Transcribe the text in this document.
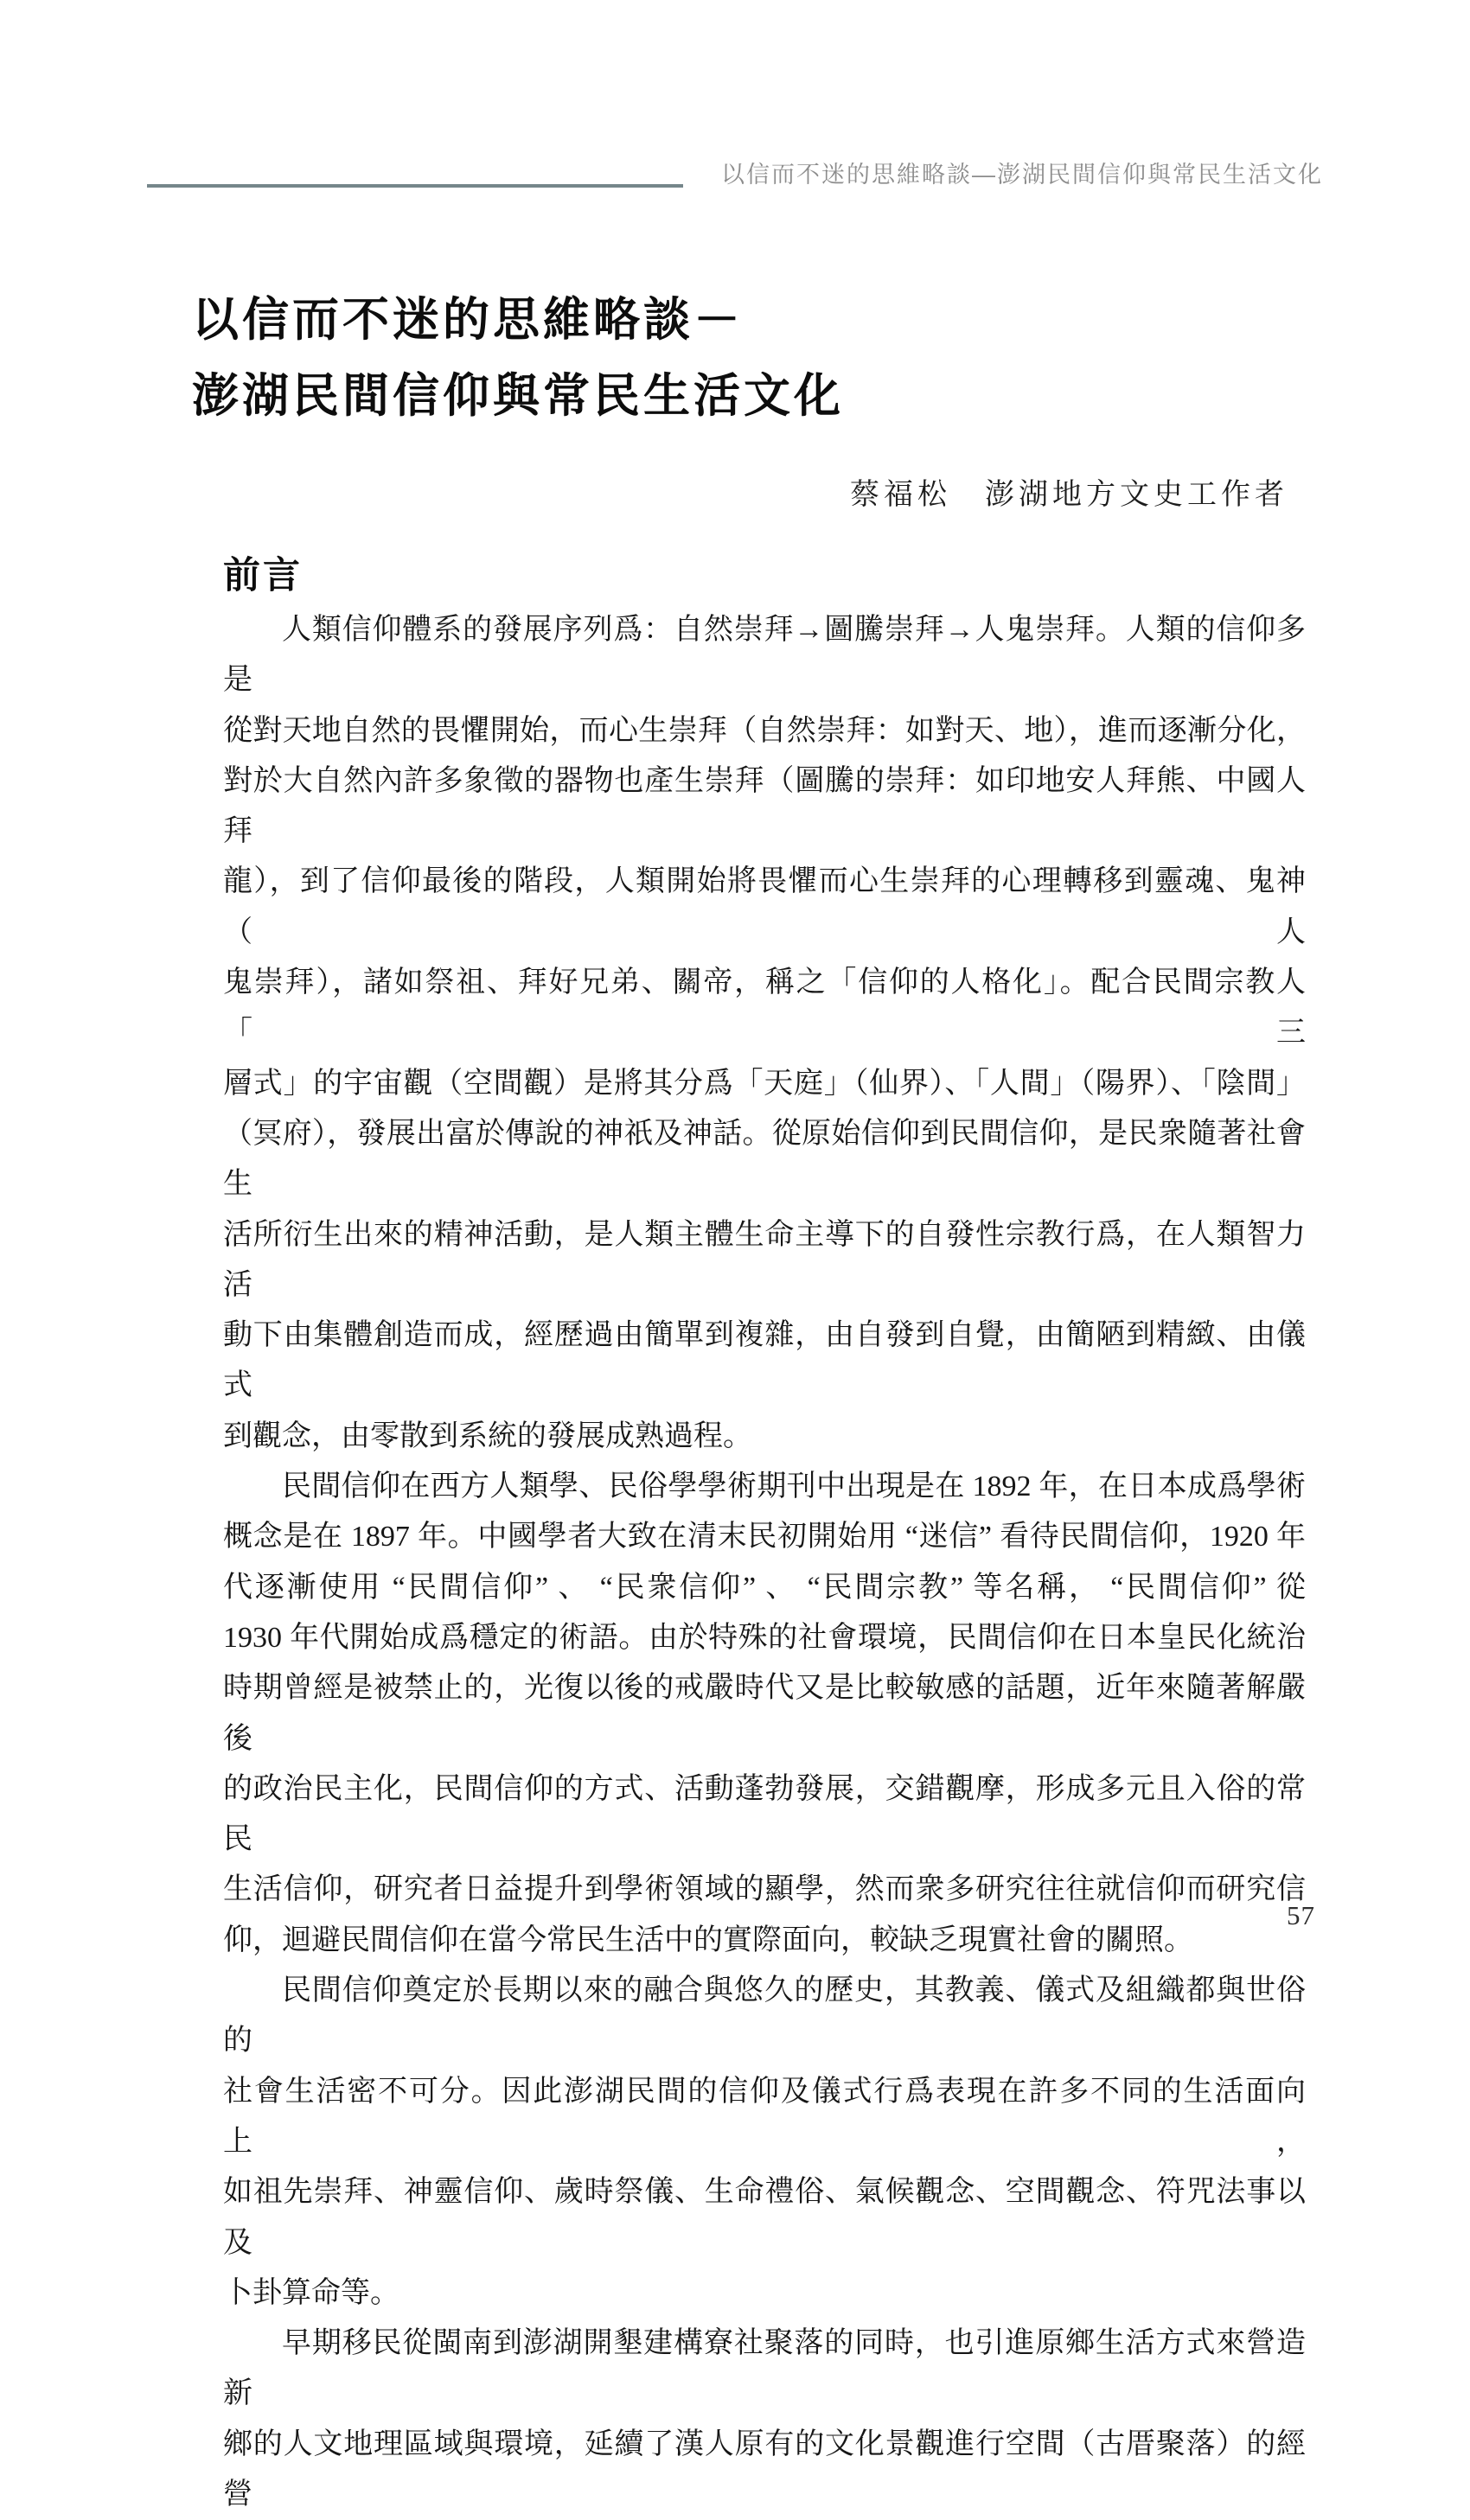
以信而不迷的思維略談—澎湖民間信仰與常民生活文化
以信而不迷的思維略談－
澎湖民間信仰與常民生活文化
蔡福松　澎湖地方文史工作者
前言
人類信仰體系的發展序列爲：自然崇拜→圖騰崇拜→人鬼崇拜。人類的信仰多是
從對天地自然的畏懼開始，而心生崇拜（自然崇拜：如對天、地），進而逐漸分化，
對於大自然內許多象徵的器物也產生崇拜（圖騰的崇拜：如印地安人拜熊、中國人拜
龍），到了信仰最後的階段，人類開始將畏懼而心生崇拜的心理轉移到靈魂、鬼神（人
鬼崇拜），諸如祭祖、拜好兄弟、關帝，稱之「信仰的人格化」。配合民間宗教人「三
層式」的宇宙觀（空間觀）是將其分爲「天庭」（仙界）、「人間」（陽界）、「陰間」
（冥府），發展出富於傳說的神祇及神話。從原始信仰到民間信仰，是民衆隨著社會生
活所衍生出來的精神活動，是人類主體生命主導下的自發性宗教行爲，在人類智力活
動下由集體創造而成，經歷過由簡單到複雜，由自發到自覺，由簡陋到精緻、由儀式
到觀念，由零散到系統的發展成熟過程。
民間信仰在西方人類學、民俗學學術期刊中出現是在 1892 年，在日本成爲學術
概念是在 1897 年。中國學者大致在清末民初開始用 “迷信” 看待民間信仰，1920 年
代逐漸使用 “民間信仰” 、 “民衆信仰” 、 “民間宗教” 等名稱， “民間信仰” 從
1930 年代開始成爲穩定的術語。由於特殊的社會環境，民間信仰在日本皇民化統治
時期曾經是被禁止的，光復以後的戒嚴時代又是比較敏感的話題，近年來隨著解嚴後
的政治民主化，民間信仰的方式、活動蓬勃發展，交錯觀摩，形成多元且入俗的常民
生活信仰，研究者日益提升到學術領域的顯學，然而衆多研究往往就信仰而研究信
仰，迴避民間信仰在當今常民生活中的實際面向，較缺乏現實社會的關照。
民間信仰奠定於長期以來的融合與悠久的歷史，其教義、儀式及組織都與世俗的
社會生活密不可分。因此澎湖民間的信仰及儀式行爲表現在許多不同的生活面向上，
如祖先崇拜、神靈信仰、歲時祭儀、生命禮俗、氣候觀念、空間觀念、符咒法事以及
卜卦算命等。
早期移民從閩南到澎湖開墾建構寮社聚落的同時，也引進原鄉生活方式來營造新
鄉的人文地理區域與環境，延續了漢人原有的文化景觀進行空間（古厝聚落）的經營
57
